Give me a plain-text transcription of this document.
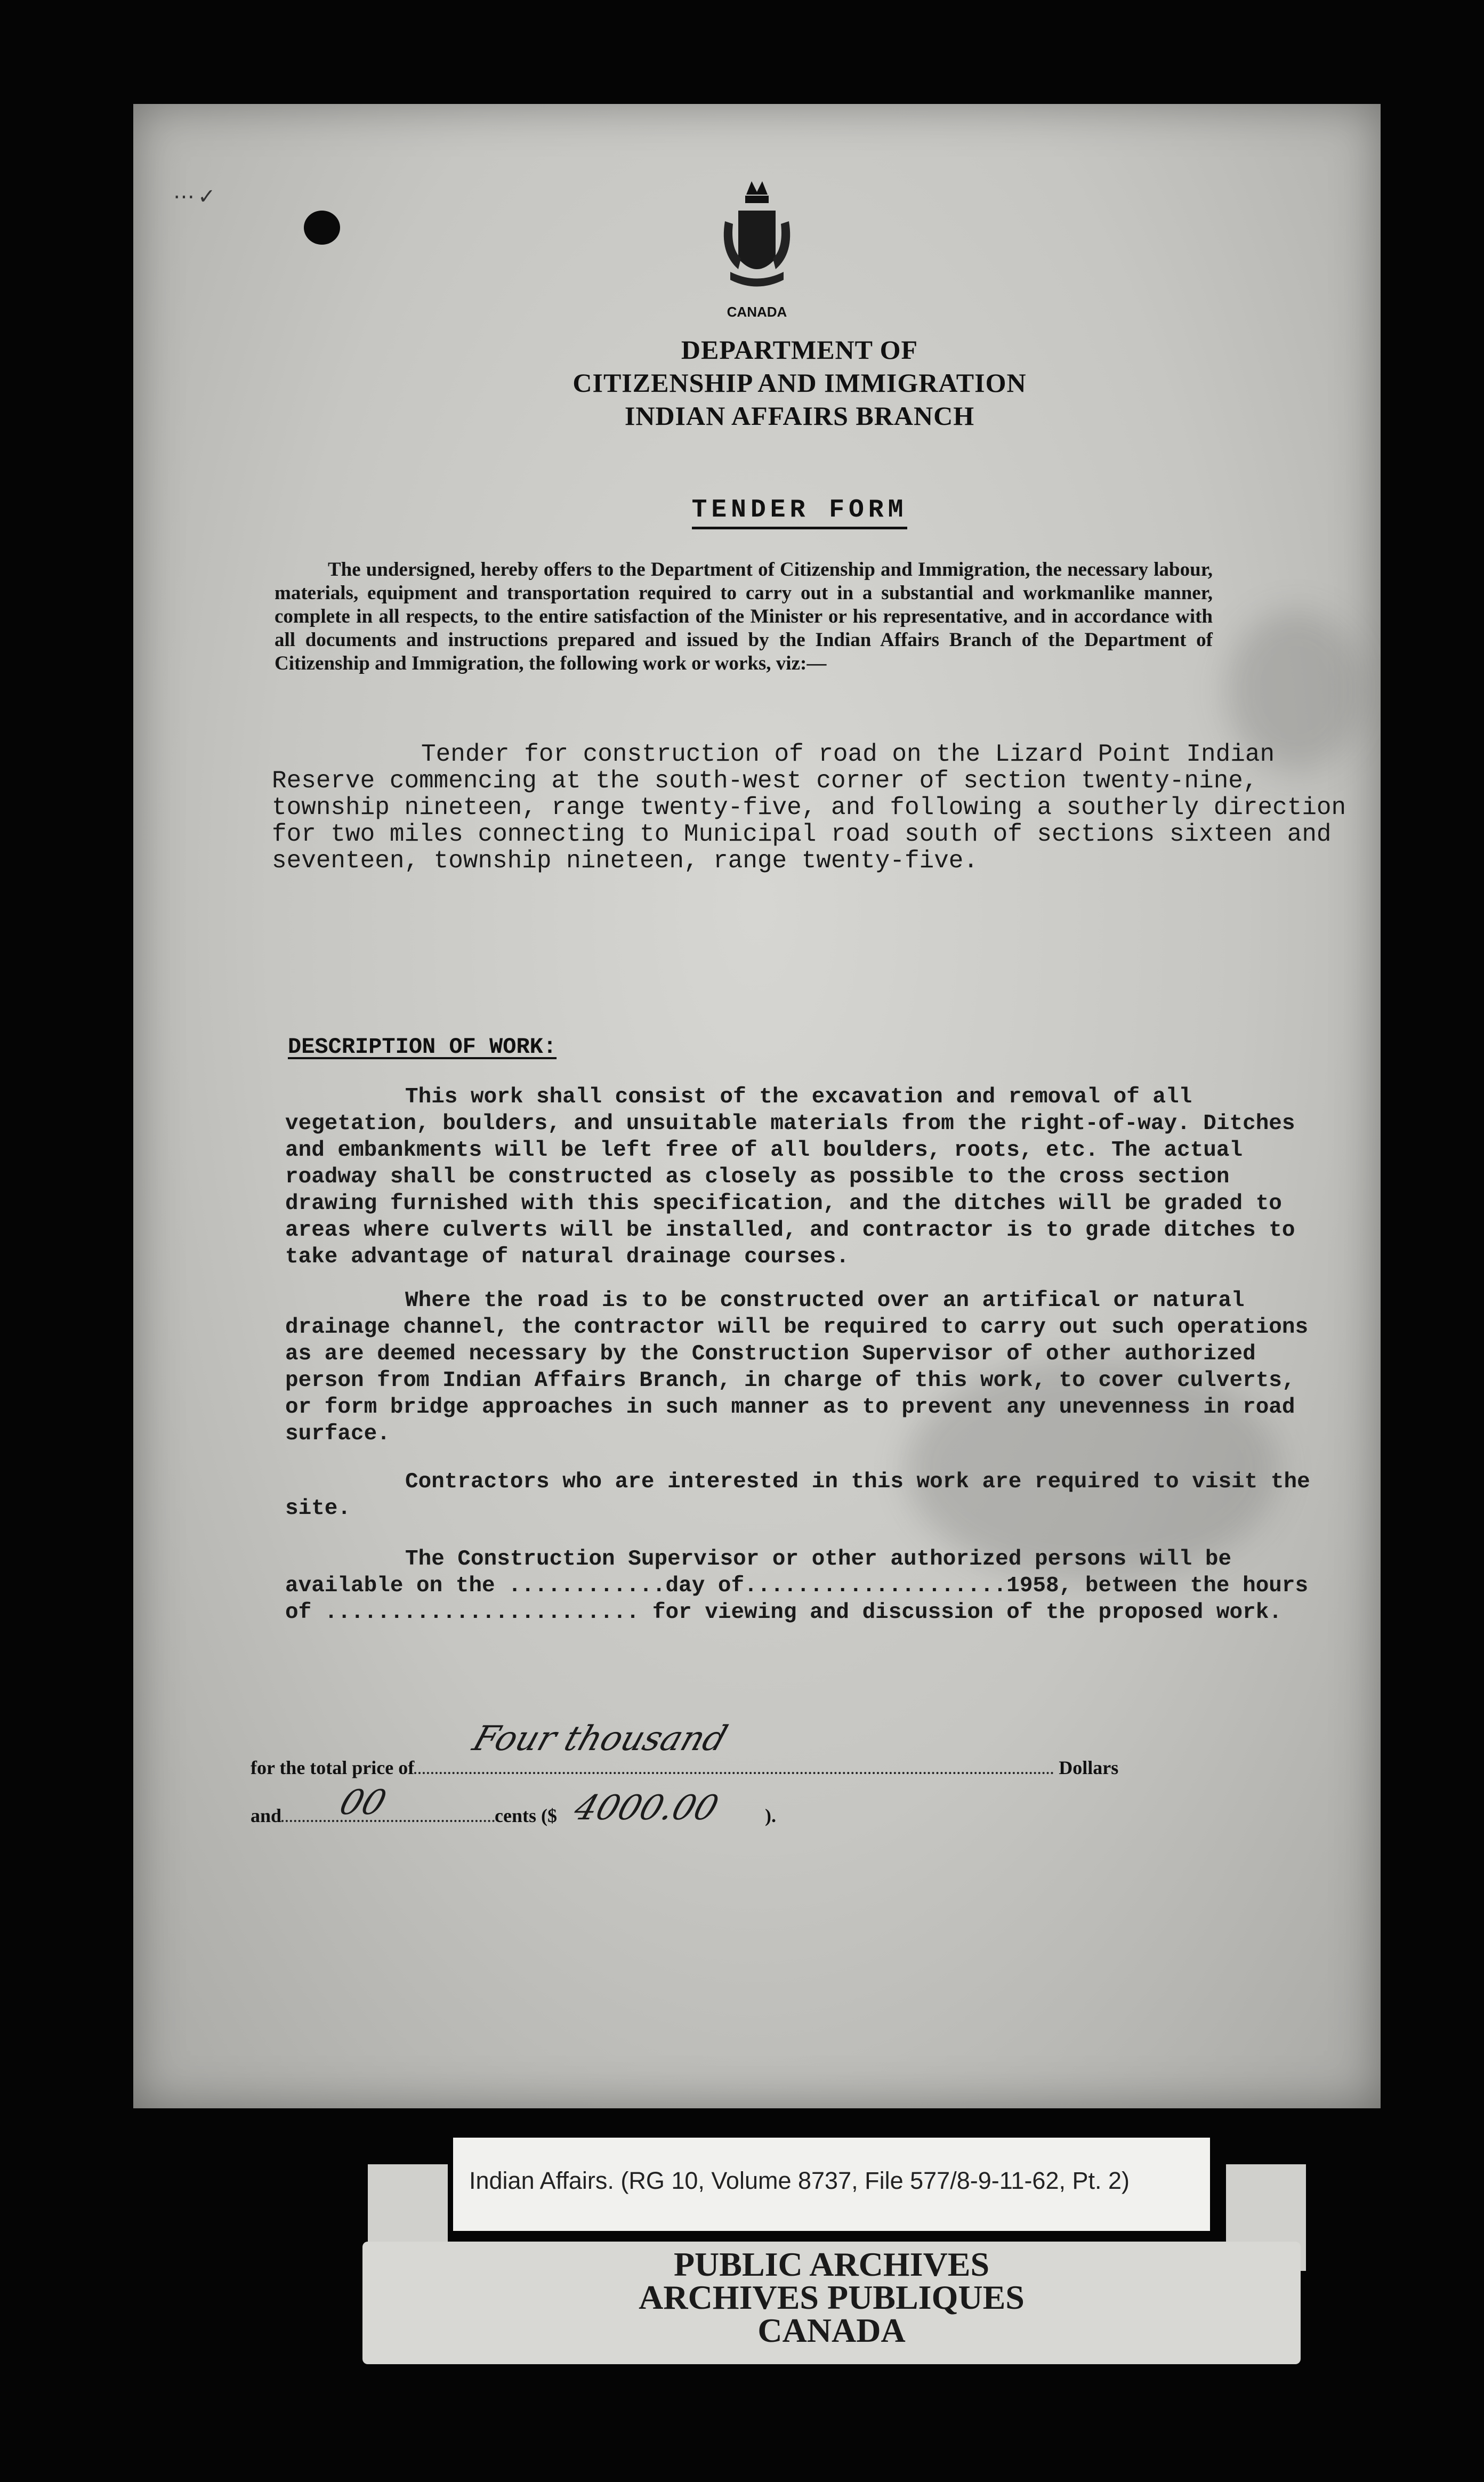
⋯✓
CANADA
DEPARTMENT OF
CITIZENSHIP AND IMMIGRATION
INDIAN AFFAIRS BRANCH
TENDER FORM
The undersigned, hereby offers to the Department of Citizenship and Immigration, the necessary labour, materials, equipment and transportation required to carry out in a substantial and workmanlike manner, complete in all respects, to the entire satisfaction of the Minister or his representative, and in accordance with all documents and instructions prepared and issued by the Indian Affairs Branch of the Department of Citizenship and Immigration, the following work or works, viz:—
Tender for construction of road on the Lizard Point Indian Reserve commencing at the south-west corner of section twenty-nine, township nineteen, range twenty-five, and following a southerly direction for two miles connecting to Municipal road south of sections sixteen and seventeen, township nineteen, range twenty-five.
DESCRIPTION OF WORK:
This work shall consist of the excavation and removal of all vegetation, boulders, and unsuitable materials from the right-of-way. Ditches and embankments will be left free of all boulders, roots, etc. The actual roadway shall be constructed as closely as possible to the cross section drawing furnished with this specification, and the ditches will be graded to areas where culverts will be installed, and contractor is to grade ditches to take advantage of natural drainage courses.
Where the road is to be constructed over an artifical or natural drainage channel, the contractor will be required to carry out such operations as are deemed necessary by the Construction Supervisor of other authorized person from Indian Affairs Branch, in charge of this work, to cover culverts, or form bridge approaches in such manner as to prevent any unevenness in road surface.
Contractors who are interested in this work are required to visit the site.
The Construction Supervisor or other authorized persons will be available on the ............day of....................1958, between the hours of ........................ for viewing and discussion of the proposed work.
for the total price of	Dollars
Four thousand
and	cents ($	).
00	4000.00
Indian Affairs. (RG 10, Volume 8737, File 577/8-9-11-62, Pt. 2)
PUBLIC ARCHIVES
ARCHIVES PUBLIQUES
CANADA
